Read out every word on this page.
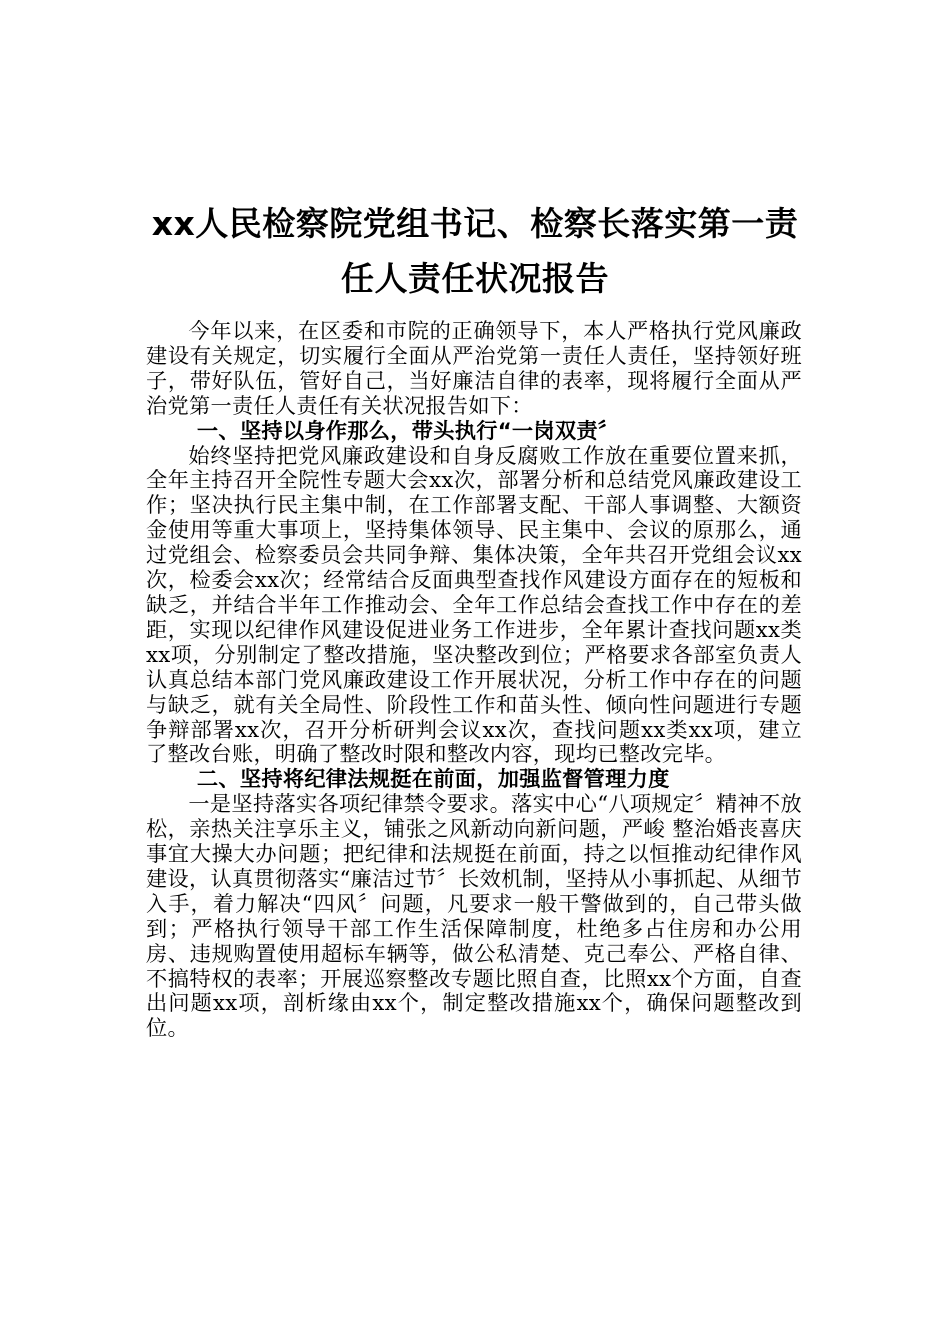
xx人民检察院党组书记、检察长落实第一责
任人责任状况报告

今年以来，在区委和市院的正确领导下，本人严格执行党风廉政建设有关规定，切实履行全面从严治党第一责任人责任，坚持领好班子，带好队伍，管好自己，当好廉洁自律的表率，现将履行全面从严治党第一责任人责任有关状况报告如下：

一、坚持以身作那么，带头执行“一岗双责〞

始终坚持把党风廉政建设和自身反腐败工作放在重要位置来抓，全年主持召开全院性专题大会xx次，部署分析和总结党风廉政建设工作；坚决执行民主集中制，在工作部署支配、干部人事调整、大额资金使用等重大事项上，坚持集体领导、民主集中、会议的原那么，通过党组会、检察委员会共同争辩、集体决策，全年共召开党组会议xx次，检委会xx次；经常结合反面典型查找作风建设方面存在的短板和缺乏，并结合半年工作推动会、全年工作总结会查找工作中存在的差距，实现以纪律作风建设促进业务工作进步，全年累计查找问题xx类xx项，分别制定了整改措施，坚决整改到位；严格要求各部室负责人认真总结本部门党风廉政建设工作开展状况，分析工作中存在的问题与缺乏，就有关全局性、阶段性工作和苗头性、倾向性问题进行专题争辩部署xx次，召开分析研判会议xx次，查找问题xx类xx项，建立了整改台账，明确了整改时限和整改内容，现均已整改完毕。

二、坚持将纪律法规挺在前面，加强监督管理力度

一是坚持落实各项纪律禁令要求。落实中心“八项规定〞精神不放松，亲热关注享乐主义，铺张之风新动向新问题，严峻 整治婚丧喜庆事宜大操大办问题；把纪律和法规挺在前面，持之以恒推动纪律作风建设，认真贯彻落实“廉洁过节〞长效机制，坚持从小事抓起、从细节入手，着力解决“四风〞问题，凡要求一般干警做到的，自己带头做到；严格执行领导干部工作生活保障制度，杜绝多占住房和办公用房、违规购置使用超标车辆等，做公私清楚、克己奉公、严格自律、不搞特权的表率；开展巡察整改专题比照自查，比照xx个方面，自查出问题xx项，剖析缘由xx个，制定整改措施xx个，确保问题整改到位。
